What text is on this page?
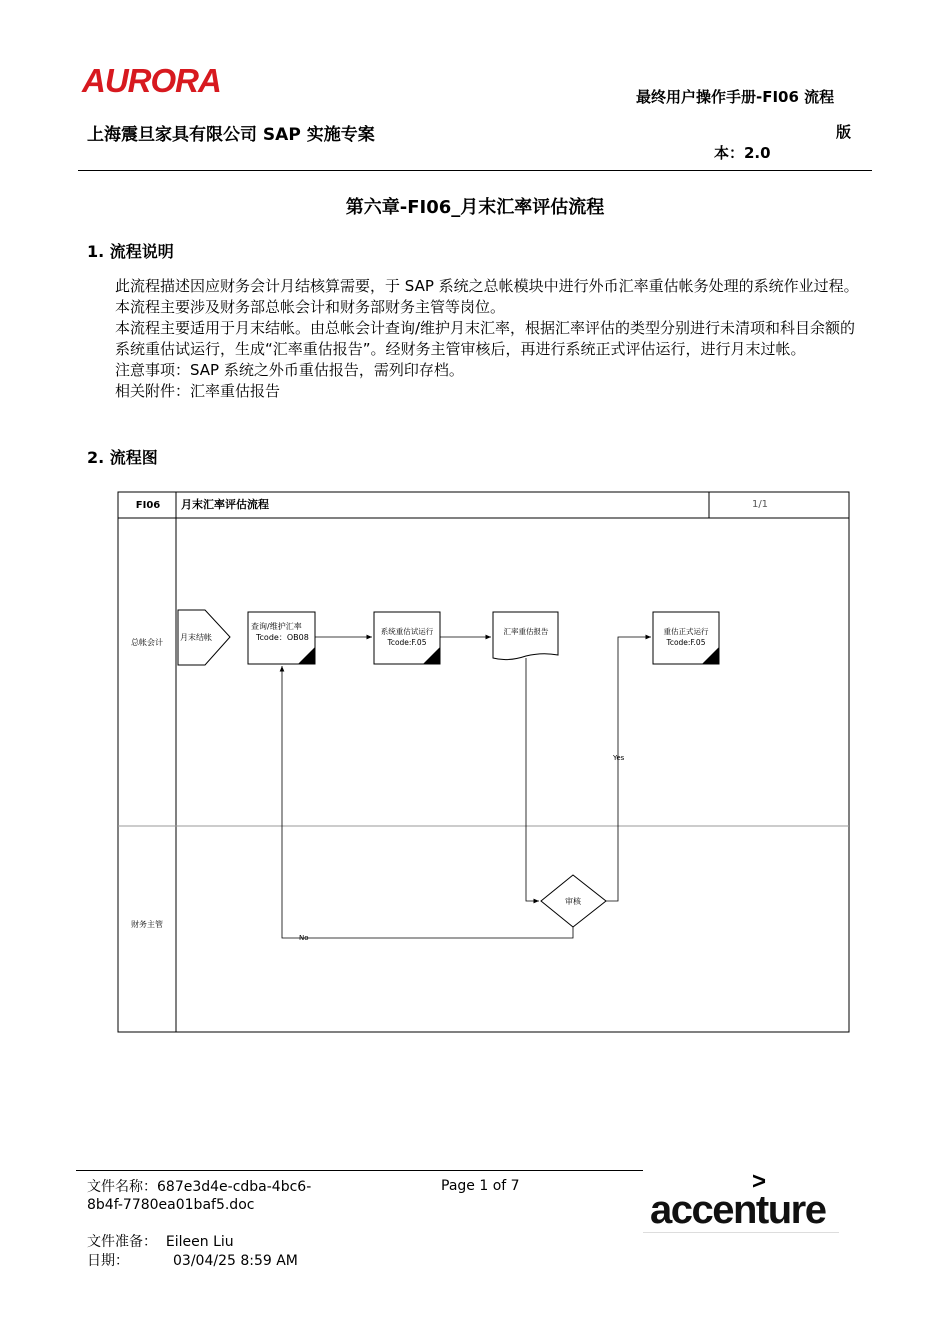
AURORA	最终用户操作手册-FI06 流程
版
本：2.0
上海震旦家具有限公司 SAP 实施专案
第六章-FI06_月末汇率评估流程
1. 流程说明
此流程描述因应财务会计月结核算需要，于 SAP 系统之总帐模块中进行外币汇率重估帐务处理的系统作业过程。本流程主要涉及财务部总帐会计和财务部财务主管等岗位。
本流程主要适用于月末结帐。由总帐会计查询/维护月末汇率，根据汇率评估的类型分别进行未清项和科目余额的系统重估试运行，生成“汇率重估报告”。经财务主管审核后，再进行系统正式评估运行，进行月末过帐。
注意事项：SAP 系统之外币重估报告，需列印存档。
相关附件：汇率重估报告
2. 流程图
FI06 月末汇率评估流程	1/1
总帐会计
财务主管
月末结帐
查询/维护汇率
Tcode：OB08
系统重估试运行
Tcode:F.05
汇率重估报告	重估正式运行
Tcode:F.05
审核
Yes
No
文件名称：687e3d4e-cdba-4bc6-
8b4f-7780ea01baf5.doc
Page 1 of 7
文件准备： Eileen Liu
日期：	03/04/25 8:59 AM
>
accenture
